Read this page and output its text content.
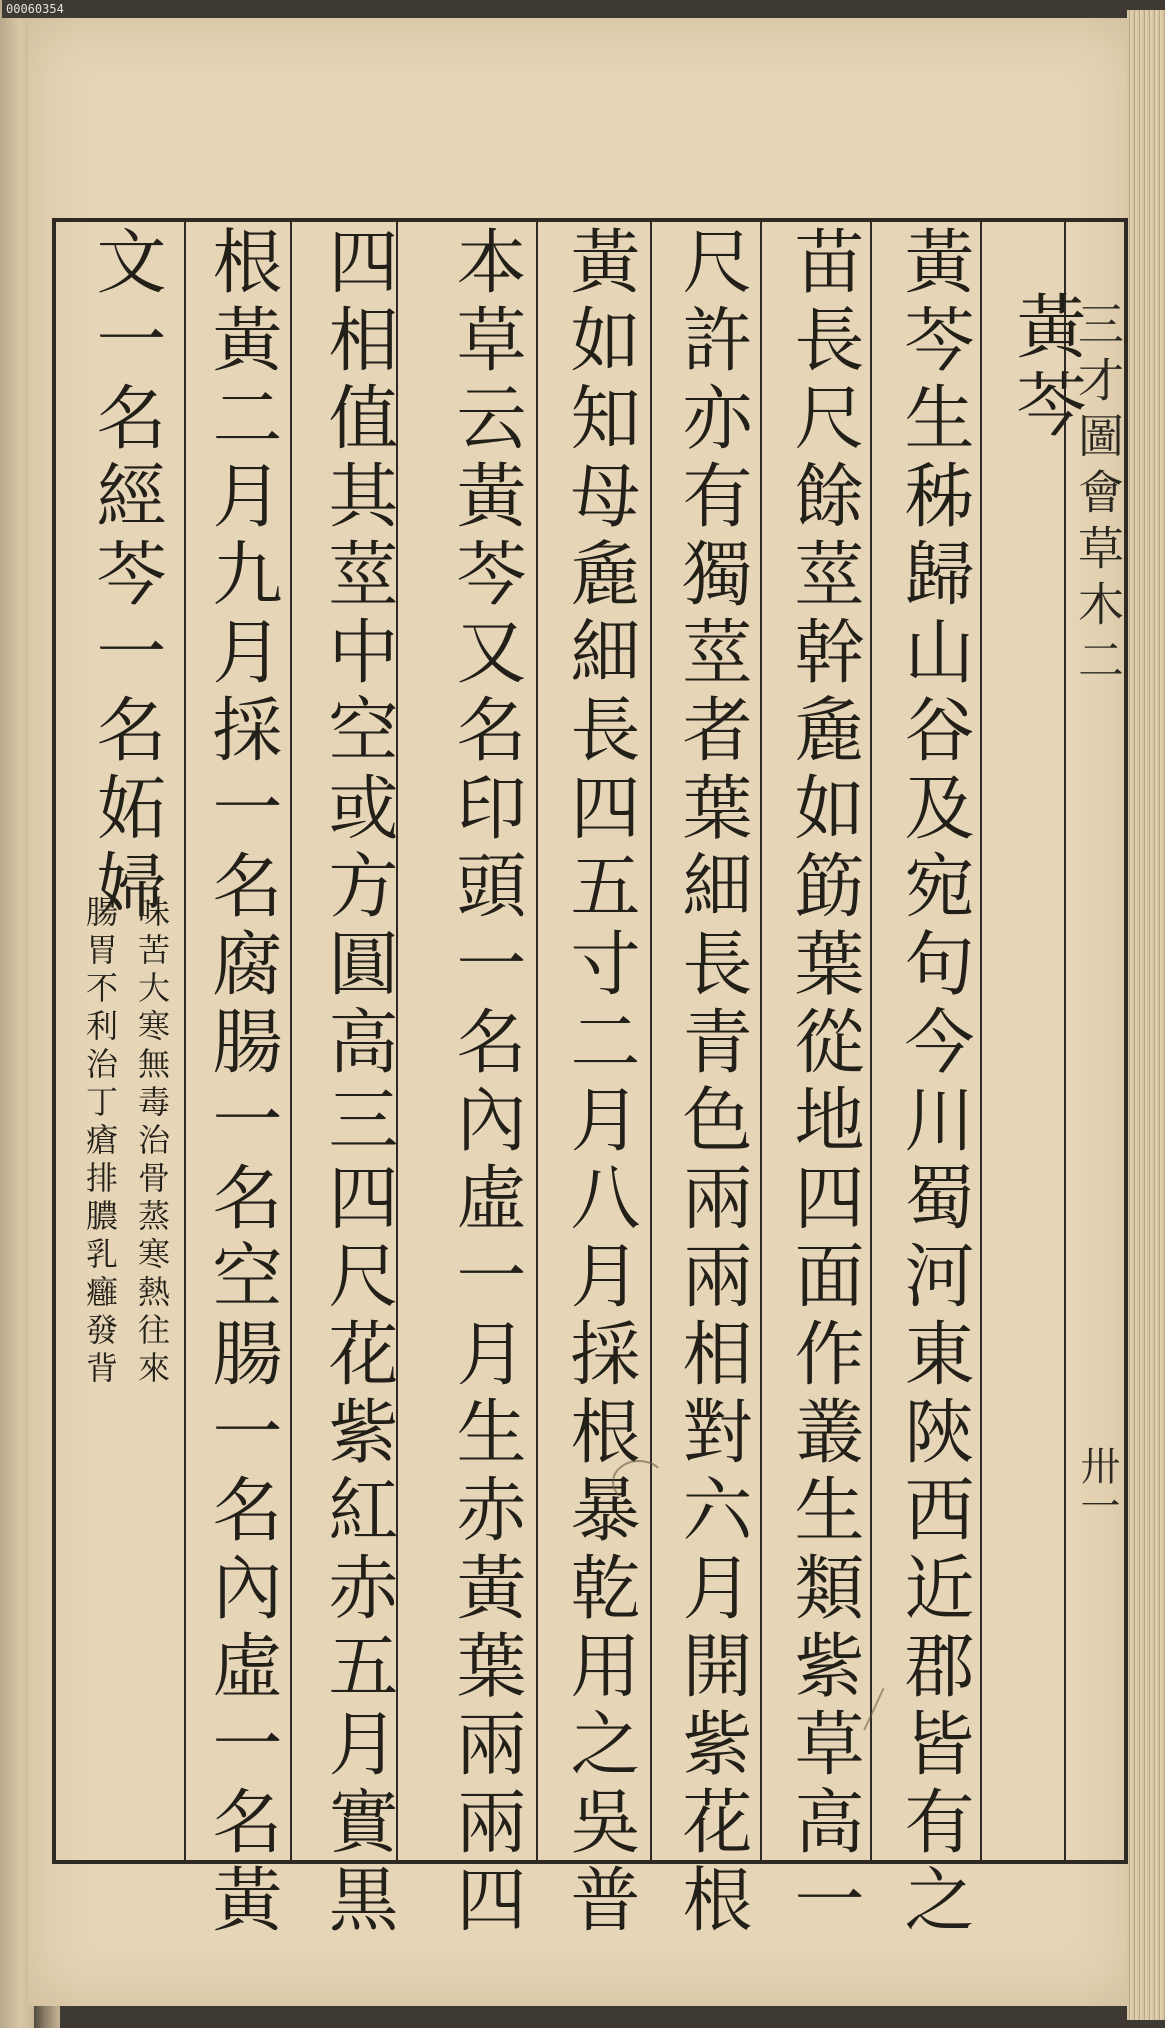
00060354
黃芩
黃芩生秭歸山谷及宛句今川蜀河東陝西近郡皆有之
苗長尺餘莖幹麁如筯葉從地四面作叢生類紫草高一
尺許亦有獨莖者葉細長青色兩兩相對六月開紫花根
黃如知母麁細長四五寸二月八月採根暴乾用之吳普
本草云黃芩又名印頭一名內虛一月生赤黃葉兩兩四
四相值其莖中空或方圓高三四尺花紫紅赤五月實黒
根黃二月九月採一名腐腸一名空腸一名內虛一名黃
文一名經芩一名妬婦
味苦大寒無毒治骨蒸寒熱往來
腸胃不利治丁瘡排膿乳癰發背
三才圖會草木二
卅一
